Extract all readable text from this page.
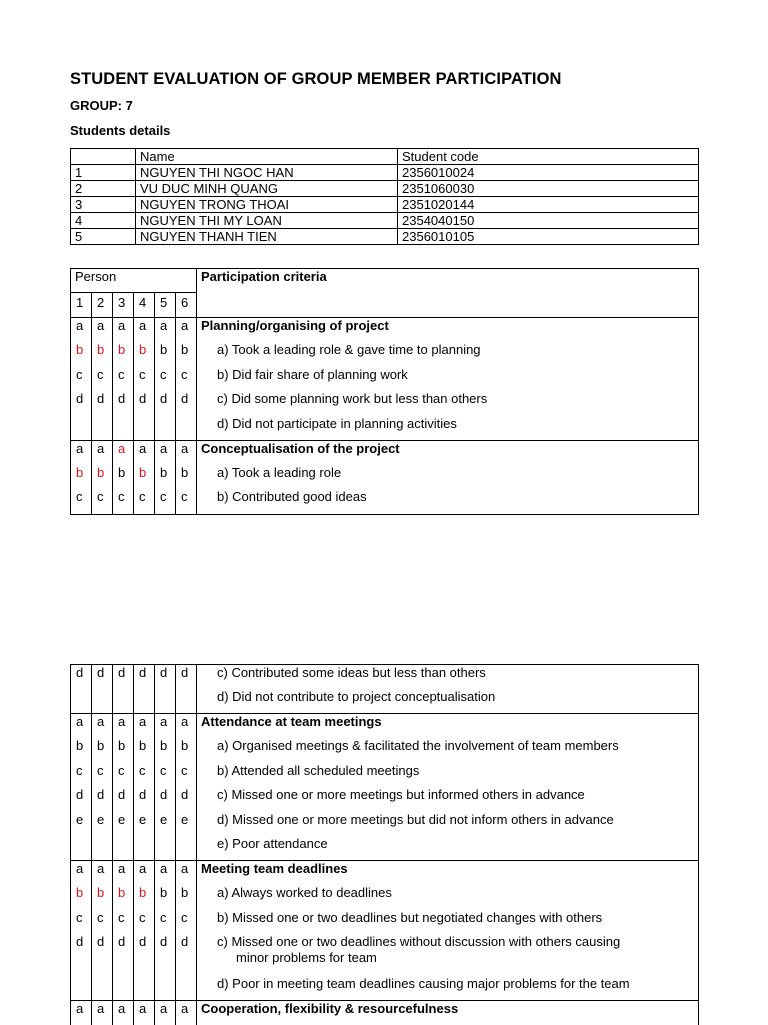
STUDENT EVALUATION OF GROUP MEMBER PARTICIPATION
GROUP: 7
Students details
	Name	Student code
1	NGUYEN THI NGOC HAN	2356010024
2	VU DUC MINH QUANG	2351060030
3	NGUYEN TRONG THOAI	2351020144
4	NGUYEN THI MY LOAN	2354040150
5	NGUYEN THANH TIEN	2356010105
Person						Participation criteria
1	2	3	4	5	6	
a	a	a	a	a	a	Planning/organising of project
b	b	b	b	b	b	a) Took a leading role & gave time to planning

c	c	c	c	c	c	b) Did fair share of planning work

d	d	d	d	d	d	c) Did some planning work but less than others

						d) Did not participate in planning activities

a	a	a	a	a	a	Conceptualisation of the project
b	b	b	b	b	b	a) Took a leading role

c	c	c	c	c	c	b) Contributed good ideas
d	d	d	d	d	d	c) Contributed some ideas but less than others

						d) Did not contribute to project conceptualisation

a	a	a	a	a	a	Attendance at team meetings
b	b	b	b	b	b	a) Organised meetings & facilitated the involvement of team members

c	c	c	c	c	c	b) Attended all scheduled meetings

d	d	d	d	d	d	c) Missed one or more meetings but informed others in advance

e	e	e	e	e	e	d) Missed one or more meetings but did not inform others in advance

						e) Poor attendance

a	a	a	a	a	a	Meeting team deadlines
b	b	b	b	b	b	a) Always worked to deadlines

c	c	c	c	c	c	b) Missed one or two deadlines but negotiated changes with others

d	d	d	d	d	d	c) Missed one or two deadlines without discussion with others causing
minor problems for team

						d) Poor in meeting team deadlines causing major problems for the team

a	a	a	a	a	a	Cooperation, flexibility & resourcefulness
